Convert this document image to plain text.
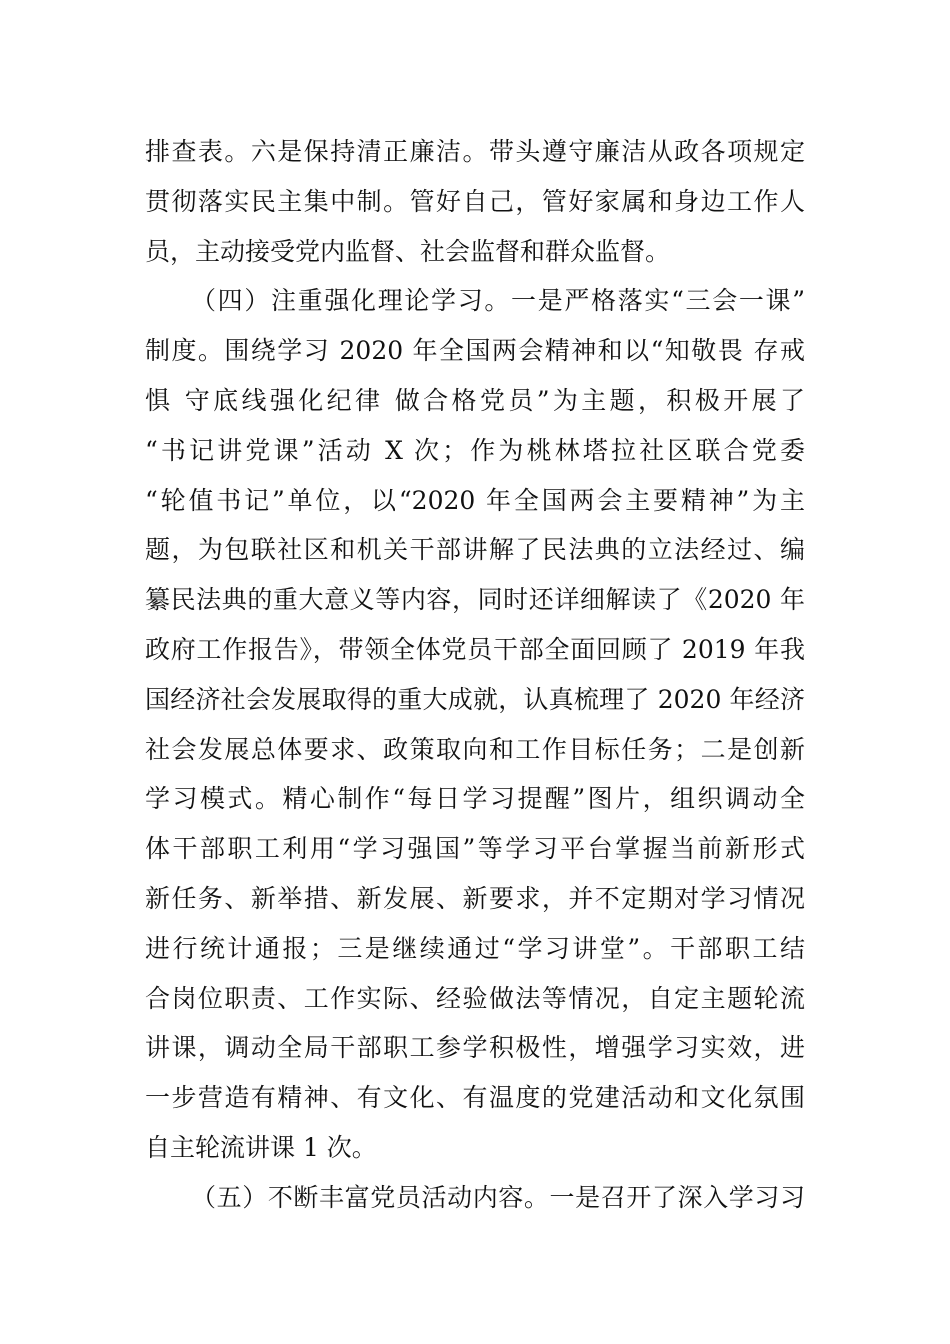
排查表。六是保持清正廉洁。带头遵守廉洁从政各项规定
贯彻落实民主集中制。管好自己，管好家属和身边工作人
员，主动接受党内监督、社会监督和群众监督。
（四）注重强化理论学习。一是严格落实“三会一课”
制度。围绕学习 2020 年全国两会精神和以“知敬畏 存戒
惧 守底线强化纪律 做合格党员”为主题，积极开展了
“书记讲党课”活动 X 次；作为桃林塔拉社区联合党委
“轮值书记”单位，以“2020 年全国两会主要精神”为主
题，为包联社区和机关干部讲解了民法典的立法经过、编
纂民法典的重大意义等内容，同时还详细解读了《2020 年
政府工作报告》，带领全体党员干部全面回顾了 2019 年我
国经济社会发展取得的重大成就，认真梳理了 2020 年经济
社会发展总体要求、政策取向和工作目标任务；二是创新
学习模式。精心制作“每日学习提醒”图片，组织调动全
体干部职工利用“学习强国”等学习平台掌握当前新形式
新任务、新举措、新发展、新要求，并不定期对学习情况
进行统计通报；三是继续通过“学习讲堂”。干部职工结
合岗位职责、工作实际、经验做法等情况，自定主题轮流
讲课，调动全局干部职工参学积极性，增强学习实效，进
一步营造有精神、有文化、有温度的党建活动和文化氛围
自主轮流讲课 1 次。
（五）不断丰富党员活动内容。一是召开了深入学习习
